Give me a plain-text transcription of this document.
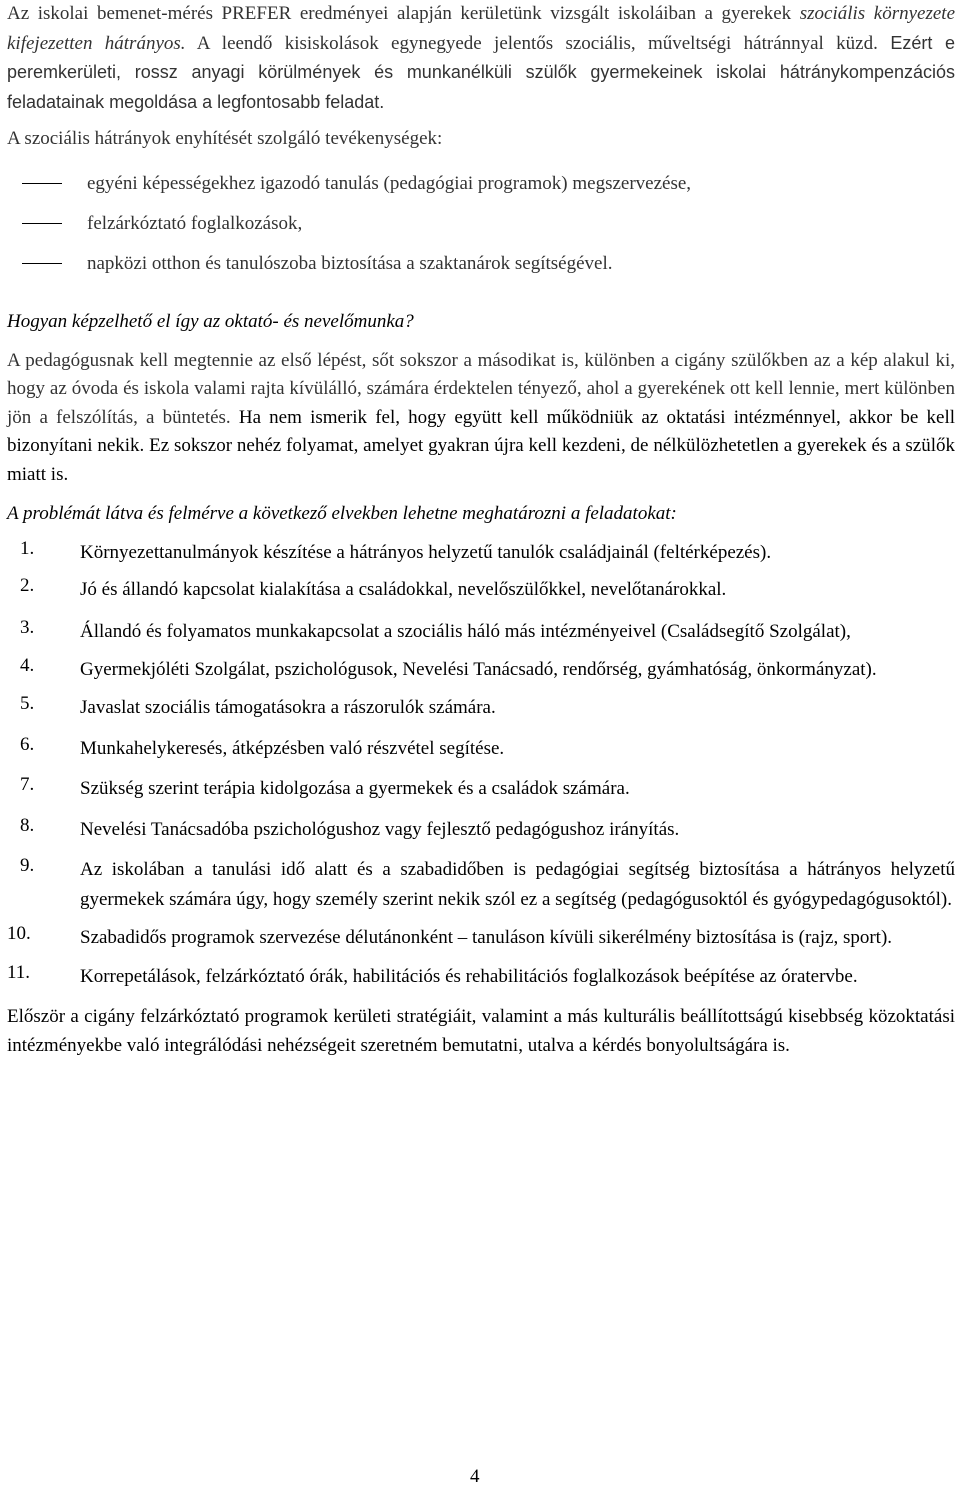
Az iskolai bemenet-mérés PREFER eredményei alapján kerületünk vizsgált iskoláiban a gyerekek szociális környezete kifejezetten hátrányos. A leendő kisiskolások egynegyede jelentős szociális, műveltségi hátránnyal küzd. Ezért e peremkerületi, rossz anyagi körülmények és munkanélküli szülők gyermekeinek iskolai hátránykompenzációs feladatainak megoldása a legfontosabb feladat.

A szociális hátrányok enyhítését szolgáló tevékenységek:

egyéni képességekhez igazodó tanulás (pedagógiai programok) megszervezése,
felzárkóztató foglalkozások,
napközi otthon és tanulószoba biztosítása a szaktanárok segítségével.

Hogyan képzelhető el így az oktató- és nevelőmunka?

A pedagógusnak kell megtennie az első lépést, sőt sokszor a másodikat is, különben a cigány szülőkben az a kép alakul ki, hogy az óvoda és iskola valami rajta kívülálló, számára érdektelen tényező, ahol a gyerekének ott kell lennie, mert különben jön a felszólítás, a büntetés. Ha nem ismerik fel, hogy együtt kell működniük az oktatási intézménnyel, akkor be kell bizonyítani nekik. Ez sokszor nehéz folyamat, amelyet gyakran újra kell kezdeni, de nélkülözhetetlen a gyerekek és a szülők miatt is.

A problémát látva és felmérve a következő elvekben lehetne meghatározni a feladatokat:

1.	Környezettanulmányok készítése a hátrányos helyzetű tanulók családjainál (feltérképezés).
2.	Jó és állandó kapcsolat kialakítása a családokkal, nevelőszülőkkel, nevelőtanárokkal.
3.	Állandó és folyamatos munkakapcsolat a szociális háló más intézményeivel (Családsegítő Szolgálat),
4.	Gyermekjóléti Szolgálat, pszichológusok, Nevelési Tanácsadó, rendőrség, gyámhatóság, önkormányzat).
5.	Javaslat szociális támogatásokra a rászorulók számára.
6.	Munkahelykeresés, átképzésben való részvétel segítése.
7.	Szükség szerint terápia kidolgozása a gyermekek és a családok számára.
8.	Nevelési Tanácsadóba pszichológushoz vagy fejlesztő pedagógushoz irányítás.
9.	Az iskolában a tanulási idő alatt és a szabadidőben is pedagógiai segítség biztosítása a hátrányos helyzetű gyermekek számára úgy, hogy személy szerint nekik szól ez a segítség (pedagógusoktól és gyógypedagógusoktól).
10.	Szabadidős programok szervezése délutánonként – tanuláson kívüli sikerélmény biztosítása is (rajz, sport).
11.	Korrepetálások, felzárkóztató órák, habilitációs és rehabilitációs foglalkozások beépítése az óratervbe.

Először a cigány felzárkóztató programok kerületi stratégiáit, valamint a más kulturális beállítottságú kisebbség közoktatási intézményekbe való integrálódási nehézségeit szeretném bemutatni, utalva a kérdés bonyolultságára is.

4
